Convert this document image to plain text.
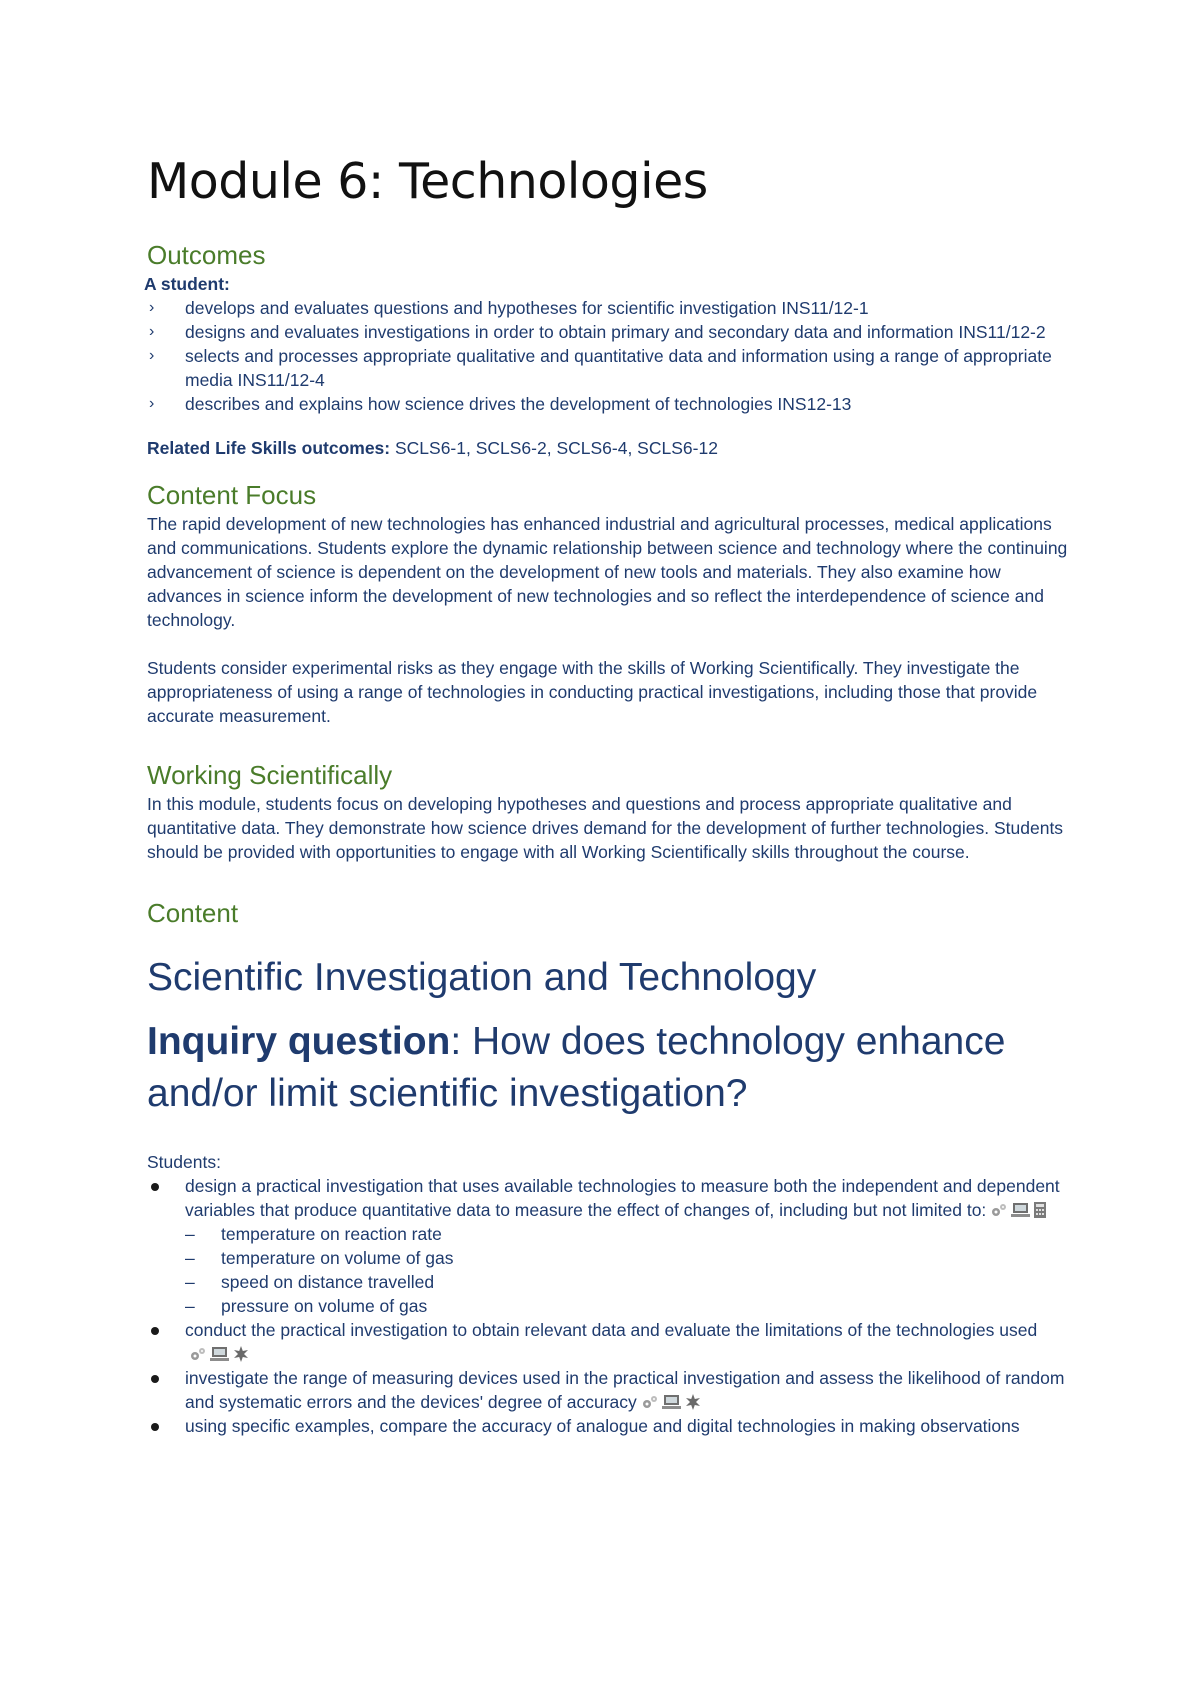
Module 6: Technologies
Outcomes
A student:
› develops and evaluates questions and hypotheses for scientific investigation INS11/12-1
› designs and evaluates investigations in order to obtain primary and secondary data and information INS11/12-2
› selects and processes appropriate qualitative and quantitative data and information using a range of appropriate media INS11/12-4
› describes and explains how science drives the development of technologies INS12-13
Related Life Skills outcomes: SCLS6-1, SCLS6-2, SCLS6-4, SCLS6-12
Content Focus

The rapid development of new technologies has enhanced industrial and agricultural processes, medical applications and communications. Students explore the dynamic relationship between science and technology where the continuing advancement of science is dependent on the development of new tools and materials. They also examine how advances in science inform the development of new technologies and so reflect the interdependence of science and technology.

Students consider experimental risks as they engage with the skills of Working Scientifically. They investigate the appropriateness of using a range of technologies in conducting practical investigations, including those that provide accurate measurement.

Working Scientifically

In this module, students focus on developing hypotheses and questions and process appropriate qualitative and quantitative data. They demonstrate how science drives demand for the development of further technologies. Students should be provided with opportunities to engage with all Working Scientifically skills throughout the course.

Content
Scientific Investigation and Technology
Inquiry question: How does technology enhance and/or limit scientific investigation?
Students:
design a practical investigation that uses available technologies to measure both the independent and dependent variables that produce quantitative data to measure the effect of changes of, including but not limited to:
– temperature on reaction rate
– temperature on volume of gas
– speed on distance travelled
– pressure on volume of gas
conduct the practical investigation to obtain relevant data and evaluate the limitations of the technologies used
investigate the range of measuring devices used in the practical investigation and assess the likelihood of random and systematic errors and the devices' degree of accuracy
using specific examples, compare the accuracy of analogue and digital technologies in making observations
